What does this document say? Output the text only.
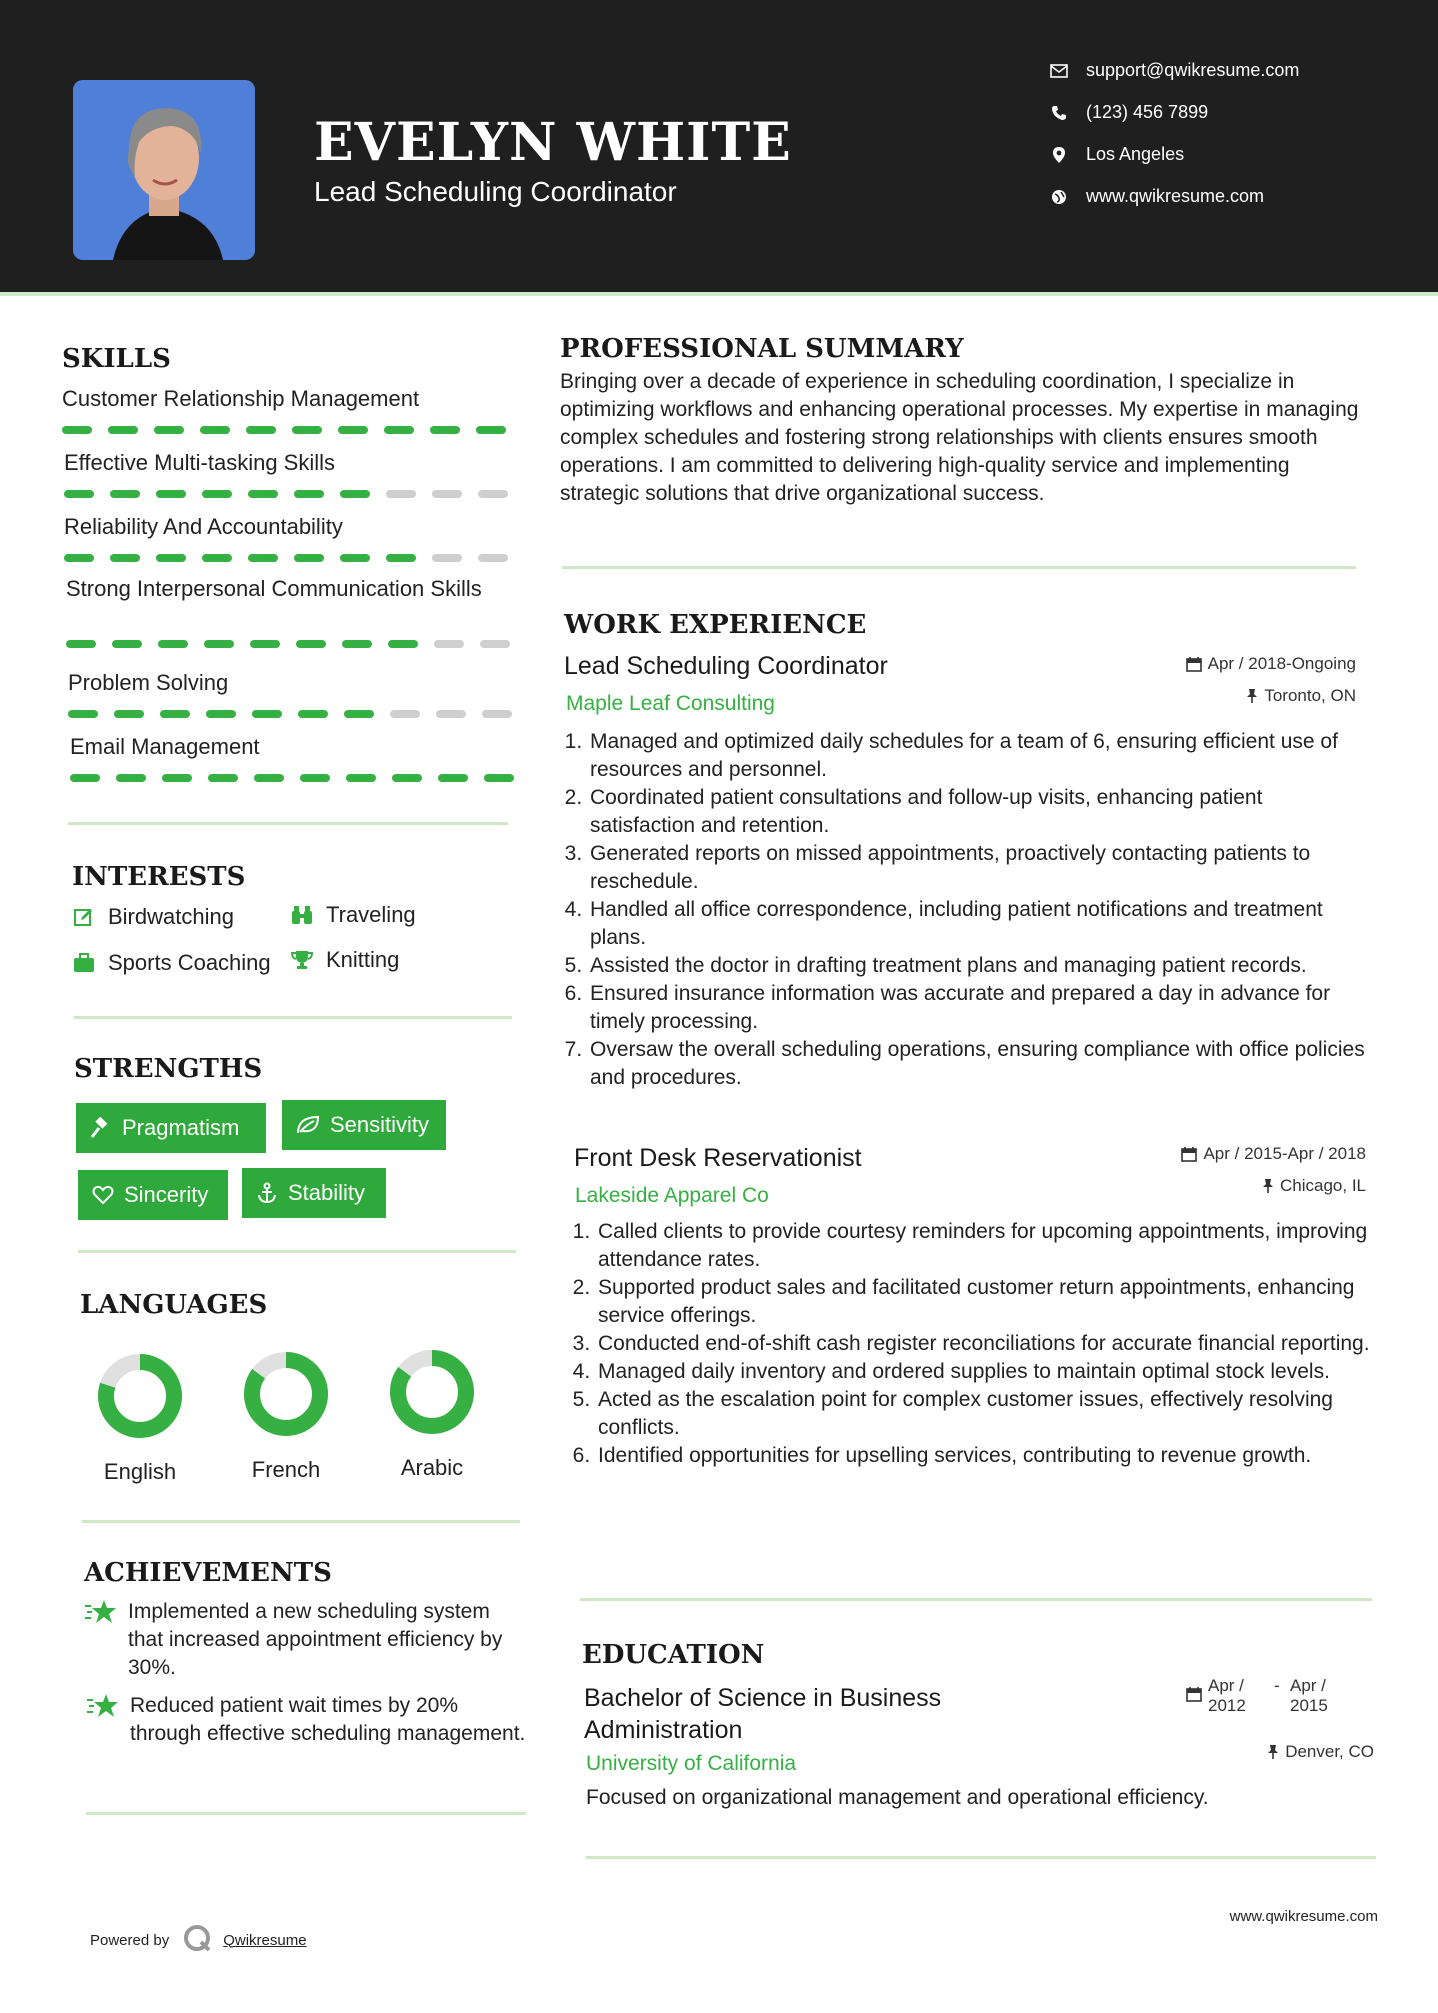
EVELYN WHITE
Lead Scheduling Coordinator
support@qwikresume.com
(123) 456 7899
Los Angeles
www.qwikresume.com
SKILLS
Customer Relationship Management
Effective Multi-tasking Skills
Reliability And Accountability
Strong Interpersonal Communication Skills
Problem Solving
Email Management
INTERESTS
Birdwatching	Traveling
Sports Coaching	Knitting
STRENGTHS
Pragmatism	Sensitivity
Sincerity	Stability
LANGUAGES
English	French	Arabic
ACHIEVEMENTS
Implemented a new scheduling system that increased appointment efficiency by 30%.
Reduced patient wait times by 20% through effective scheduling management.
PROFESSIONAL SUMMARY
Bringing over a decade of experience in scheduling coordination, I specialize in optimizing workflows and enhancing operational processes. My expertise in managing complex schedules and fostering strong relationships with clients ensures smooth operations. I am committed to delivering high-quality service and implementing strategic solutions that drive organizational success.
WORK EXPERIENCE
Lead Scheduling Coordinator
Maple Leaf Consulting
Apr / 2018-Ongoing
Toronto, ON
1. Managed and optimized daily schedules for a team of 6, ensuring efficient use of resources and personnel.
2. Coordinated patient consultations and follow-up visits, enhancing patient satisfaction and retention.
3. Generated reports on missed appointments, proactively contacting patients to reschedule.
4. Handled all office correspondence, including patient notifications and treatment plans.
5. Assisted the doctor in drafting treatment plans and managing patient records.
6. Ensured insurance information was accurate and prepared a day in advance for timely processing.
7. Oversaw the overall scheduling operations, ensuring compliance with office policies and procedures.
Front Desk Reservationist
Lakeside Apparel Co
Apr / 2015-Apr / 2018
Chicago, IL
1. Called clients to provide courtesy reminders for upcoming appointments, improving attendance rates.
2. Supported product sales and facilitated customer return appointments, enhancing service offerings.
3. Conducted end-of-shift cash register reconciliations for accurate financial reporting.
4. Managed daily inventory and ordered supplies to maintain optimal stock levels.
5. Acted as the escalation point for complex customer issues, effectively resolving conflicts.
6. Identified opportunities for upselling services, contributing to revenue growth.
EDUCATION
Bachelor of Science in Business Administration
University of California
Apr / 2012
- Apr / 2015
Denver, CO
Focused on organizational management and operational efficiency.
Powered by	Qwikresume
www.qwikresume.com
